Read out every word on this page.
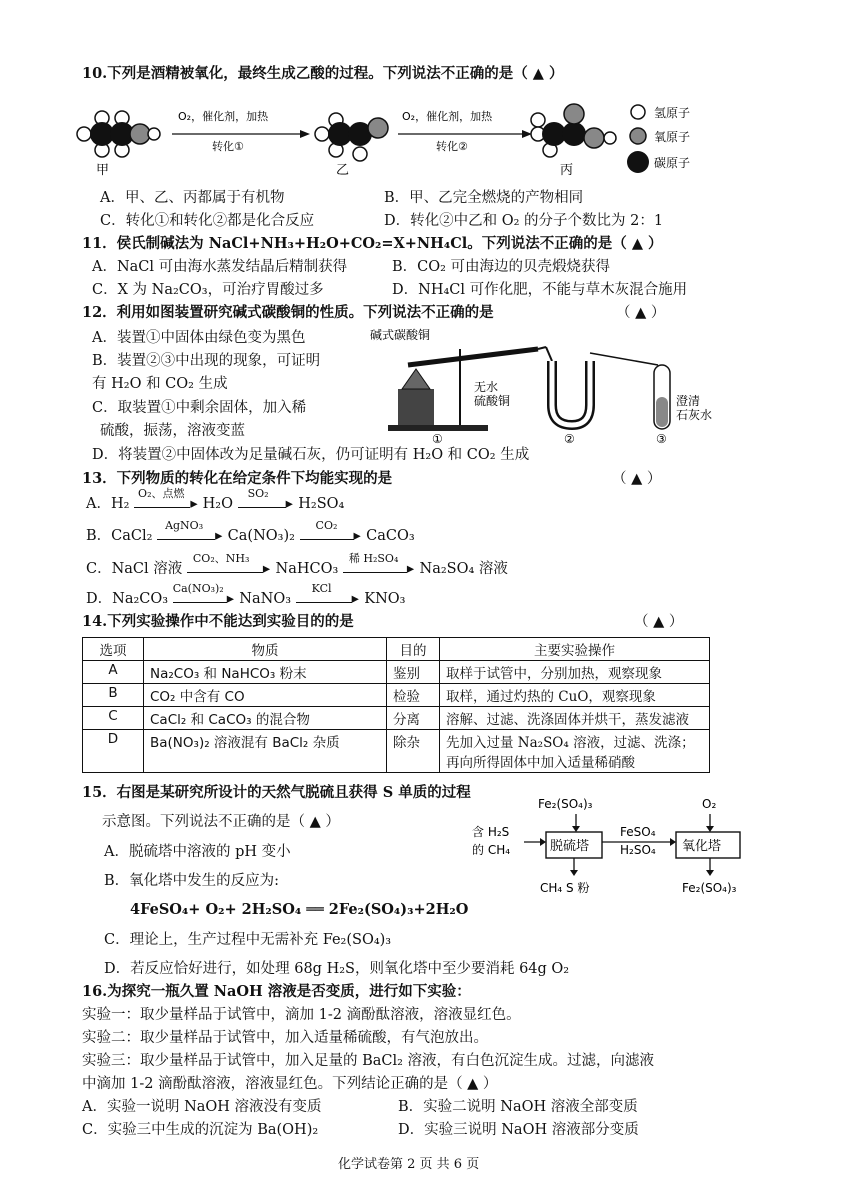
10.下列是酒精被氧化，最终生成乙酸的过程。下列说法不正确的是（ ▲ ）
甲
O₂，催化剂，加热
转化①
乙
O₂，催化剂，加热
转化②
丙
氢原子
氧原子
碳原子
A．甲、乙、丙都属于有机物	B．甲、乙完全燃烧的产物相同
C．转化①和转化②都是化合反应	D．转化②中乙和 O₂ 的分子个数比为 2：1
11．侯氏制碱法为 NaCl+NH₃+H₂O+CO₂=X+NH₄Cl。下列说法不正确的是（ ▲ ）
A．NaCl 可由海水蒸发结晶后精制获得	B．CO₂ 可由海边的贝壳煅烧获得
C．X 为 Na₂CO₃，可治疗胃酸过多	D．NH₄Cl 可作化肥，不能与草木灰混合施用
12．利用如图装置研究碱式碳酸铜的性质。下列说法不正确的是	（ ▲ ）
A．装置①中固体由绿色变为黑色
B．装置②③中出现的现象，可证明
有 H₂O 和 CO₂ 生成
C．取装置①中剩余固体，加入稀
硫酸，振荡，溶液变蓝
D．将装置②中固体改为足量碱石灰，仍可证明有 H₂O 和 CO₂ 生成
碱式碳酸铜
无水
硫酸铜	澄清
石灰水
①	②	③
13．下列物质的转化在给定条件下均能实现的是	（ ▲ ）
A．H₂
O₂、点燃
▸ H₂O
SO₂
▸ H₂SO₄
B．CaCl₂
AgNO₃
▸ Ca(NO₃)₂
CO₂
▸ CaCO₃
C．NaCl 溶液
CO₂、NH₃
▸ NaHCO₃
稀 H₂SO₄
▸ Na₂SO₄ 溶液
D．Na₂CO₃
Ca(NO₃)₂
▸ NaNO₃
KCl
▸ KNO₃
14.下列实验操作中不能达到实验目的的是	（ ▲ ）
选项	物质	目的	主要实验操作
A	Na₂CO₃ 和 NaHCO₃ 粉末	鉴别	取样于试管中，分别加热，观察现象
B	CO₂ 中含有 CO	检验	取样，通过灼热的 CuO，观察现象
C	CaCl₂ 和 CaCO₃ 的混合物	分离	溶解、过滤、洗涤固体并烘干，蒸发滤液
D	Ba(NO₃)₂ 溶液混有 BaCl₂ 杂质	除杂	先加入过量 Na₂SO₄ 溶液，过滤、洗涤；
再向所得固体中加入适量稀硝酸
15．右图是某研究所设计的天然气脱硫且获得 S 单质的过程
示意图。下列说法不正确的是（ ▲ ）
A．脱硫塔中溶液的 pH 变小
B．氧化塔中发生的反应为:
4FeSO₄+ O₂+ 2H₂SO₄ ══ 2Fe₂(SO₄)₃+2H₂O
C．理论上，生产过程中无需补充 Fe₂(SO₄)₃
D．若反应恰好进行，如处理 68g H₂S，则氧化塔中至少要消耗 64g O₂
Fe₂(SO₄)₃	O₂
含 H₂S
的 CH₄	脱硫塔
FeSO₄
H₂SO₄ 氧化塔
CH₄ S 粉	Fe₂(SO₄)₃
16.为探究一瓶久置 NaOH 溶液是否变质，进行如下实验：
实验一：取少量样品于试管中，滴加 1-2 滴酚酞溶液，溶液显红色。
实验二：取少量样品于试管中，加入适量稀硫酸，有气泡放出。
实验三：取少量样品于试管中，加入足量的 BaCl₂ 溶液，有白色沉淀生成。过滤，向滤液
中滴加 1-2 滴酚酞溶液，溶液显红色。下列结论正确的是（ ▲ ）
A．实验一说明 NaOH 溶液没有变质	B．实验二说明 NaOH 溶液全部变质
C．实验三中生成的沉淀为 Ba(OH)₂	D．实验三说明 NaOH 溶液部分变质
化学试卷第 2 页 共 6 页
